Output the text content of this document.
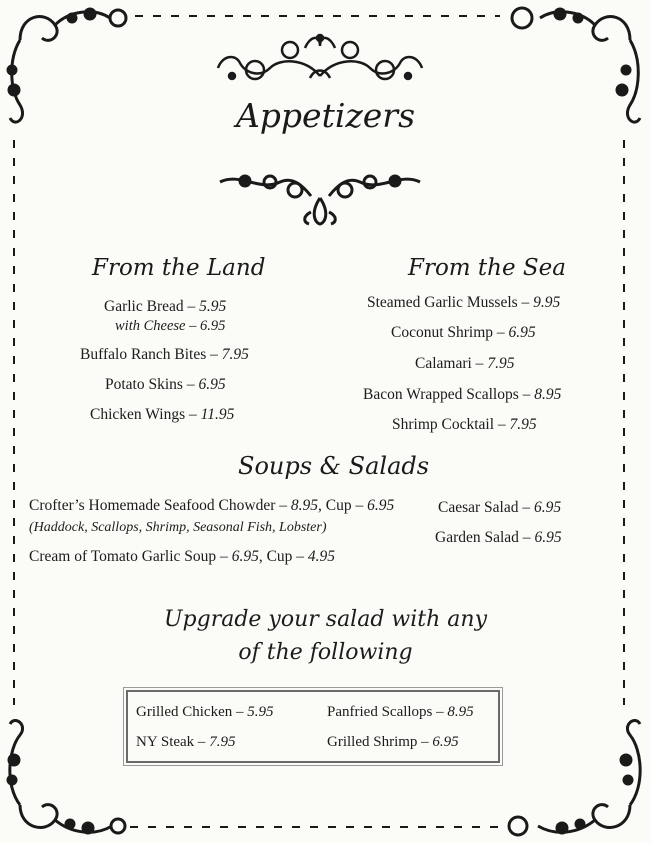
Appetizers
From the Land
Garlic Bread – 5.95
with Cheese – 6.95
Buffalo Ranch Bites – 7.95
Potato Skins – 6.95
Chicken Wings – 11.95
From the Sea
Steamed Garlic Mussels – 9.95
Coconut Shrimp – 6.95
Calamari – 7.95
Bacon Wrapped Scallops – 8.95
Shrimp Cocktail – 7.95
Soups & Salads
Crofter’s Homemade Seafood Chowder – 8.95, Cup – 6.95
(Haddock, Scallops, Shrimp, Seasonal Fish, Lobster)
Cream of Tomato Garlic Soup – 6.95, Cup – 4.95
Caesar Salad – 6.95
Garden Salad – 6.95
Upgrade your salad with any
of the following
Grilled Chicken – 5.95	Panfried Scallops – 8.95
NY Steak – 7.95	Grilled Shrimp – 6.95
